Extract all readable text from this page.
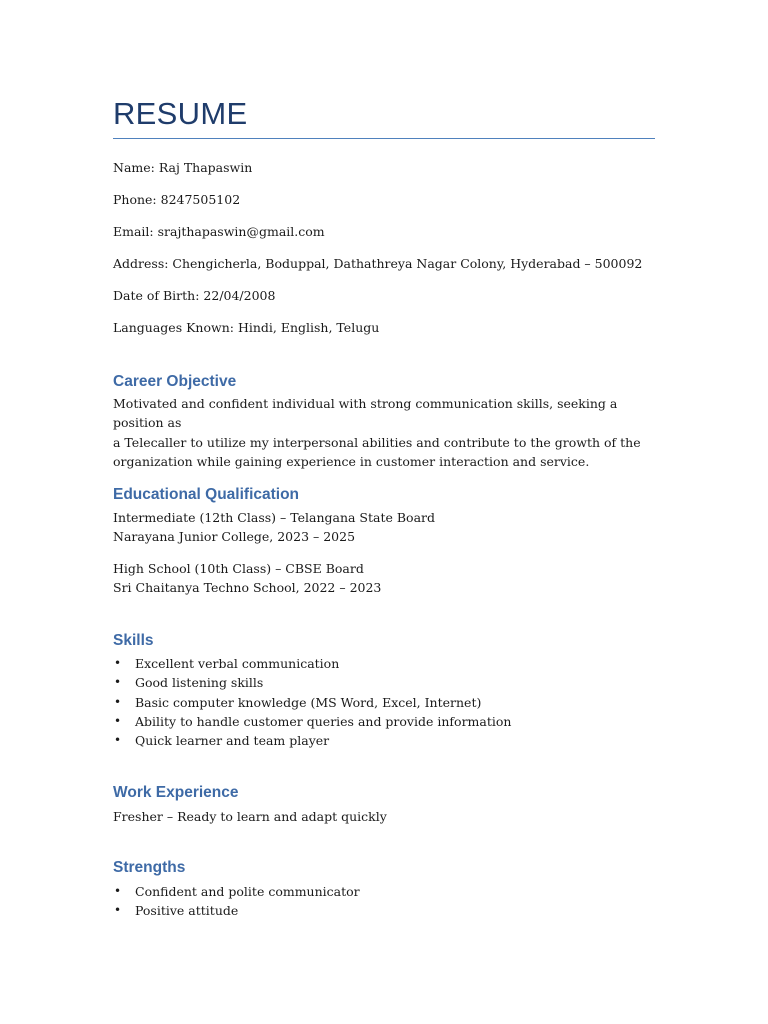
RESUME
Name: Raj Thapaswin
Phone: 8247505102
Email: srajthapaswin@gmail.com
Address: Chengicherla, Boduppal, Dathathreya Nagar Colony, Hyderabad – 500092
Date of Birth: 22/04/2008
Languages Known: Hindi, English, Telugu
Career Objective
Motivated and confident individual with strong communication skills, seeking a position as
a Telecaller to utilize my interpersonal abilities and contribute to the growth of the
organization while gaining experience in customer interaction and service.
Educational Qualification
Intermediate (12th Class) – Telangana State Board
Narayana Junior College, 2023 – 2025
High School (10th Class) – CBSE Board
Sri Chaitanya Techno School, 2022 – 2023
Skills
• Excellent verbal communication
• Good listening skills
• Basic computer knowledge (MS Word, Excel, Internet)
• Ability to handle customer queries and provide information
• Quick learner and team player
Work Experience
Fresher – Ready to learn and adapt quickly
Strengths
• Confident and polite communicator
• Positive attitude
